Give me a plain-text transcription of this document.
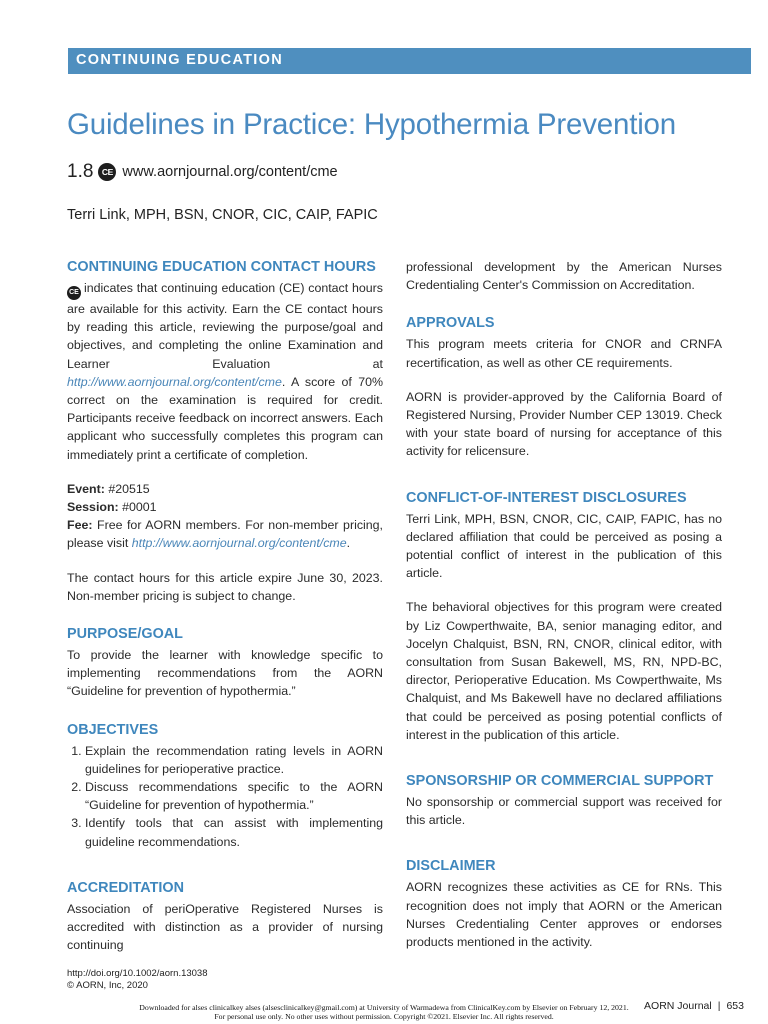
CONTINUING EDUCATION
Guidelines in Practice: Hypothermia Prevention
1.8 CE www.aornjournal.org/content/cme
Terri Link, MPH, BSN, CNOR, CIC, CAIP, FAPIC
CONTINUING EDUCATION CONTACT HOURS

CE indicates that continuing education (CE) contact hours are available for this activity. Earn the CE contact hours by reading this article, reviewing the purpose/goal and objectives, and completing the online Examination and Learner Evaluation at http://www.aornjournal.org/content/cme. A score of 70% correct on the examination is required for credit. Participants receive feedback on incorrect answers. Each applicant who successfully completes this program can immediately print a certificate of completion.

Event: #20515

Session: #0001

Fee: Free for AORN members. For non-member pricing, please visit http://www.aornjournal.org/content/cme.

The contact hours for this article expire June 30, 2023. Non-member pricing is subject to change.

PURPOSE/GOAL

To provide the learner with knowledge specific to implementing recommendations from the AORN “Guideline for prevention of hypothermia.”

OBJECTIVES
1. Explain the recommendation rating levels in AORN guidelines for perioperative practice.
2. Discuss recommendations specific to the AORN “Guideline for prevention of hypothermia.”
3. Identify tools that can assist with implementing guideline recommendations.
ACCREDITATION

Association of periOperative Registered Nurses is accredited with distinction as a provider of nursing continuing

professional development by the American Nurses Credentialing Center's Commission on Accreditation.

APPROVALS

This program meets criteria for CNOR and CRNFA recertification, as well as other CE requirements.

AORN is provider-approved by the California Board of Registered Nursing, Provider Number CEP 13019. Check with your state board of nursing for acceptance of this activity for relicensure.

CONFLICT-OF-INTEREST DISCLOSURES

Terri Link, MPH, BSN, CNOR, CIC, CAIP, FAPIC, has no declared affiliation that could be perceived as posing a potential conflict of interest in the publication of this article.

The behavioral objectives for this program were created by Liz Cowperthwaite, BA, senior managing editor, and Jocelyn Chalquist, BSN, RN, CNOR, clinical editor, with consultation from Susan Bakewell, MS, RN, NPD-BC, director, Perioperative Education. Ms Cowperthwaite, Ms Chalquist, and Ms Bakewell have no declared affiliations that could be perceived as posing potential conflicts of interest in the publication of this article.

SPONSORSHIP OR COMMERCIAL SUPPORT

No sponsorship or commercial support was received for this article.

DISCLAIMER

AORN recognizes these activities as CE for RNs. This recognition does not imply that AORN or the American Nurses Credentialing Center approves or endorses products mentioned in the activity.

http://doi.org/10.1002/aorn.13038
© AORN, Inc, 2020
AORN Journal | 653
Downloaded for alses clinicalkey alses (alsesclinicalkey@gmail.com) at University of Warmadewa from ClinicalKey.com by Elsevier on February 12, 2021.
For personal use only. No other uses without permission. Copyright ©2021. Elsevier Inc. All rights reserved.
